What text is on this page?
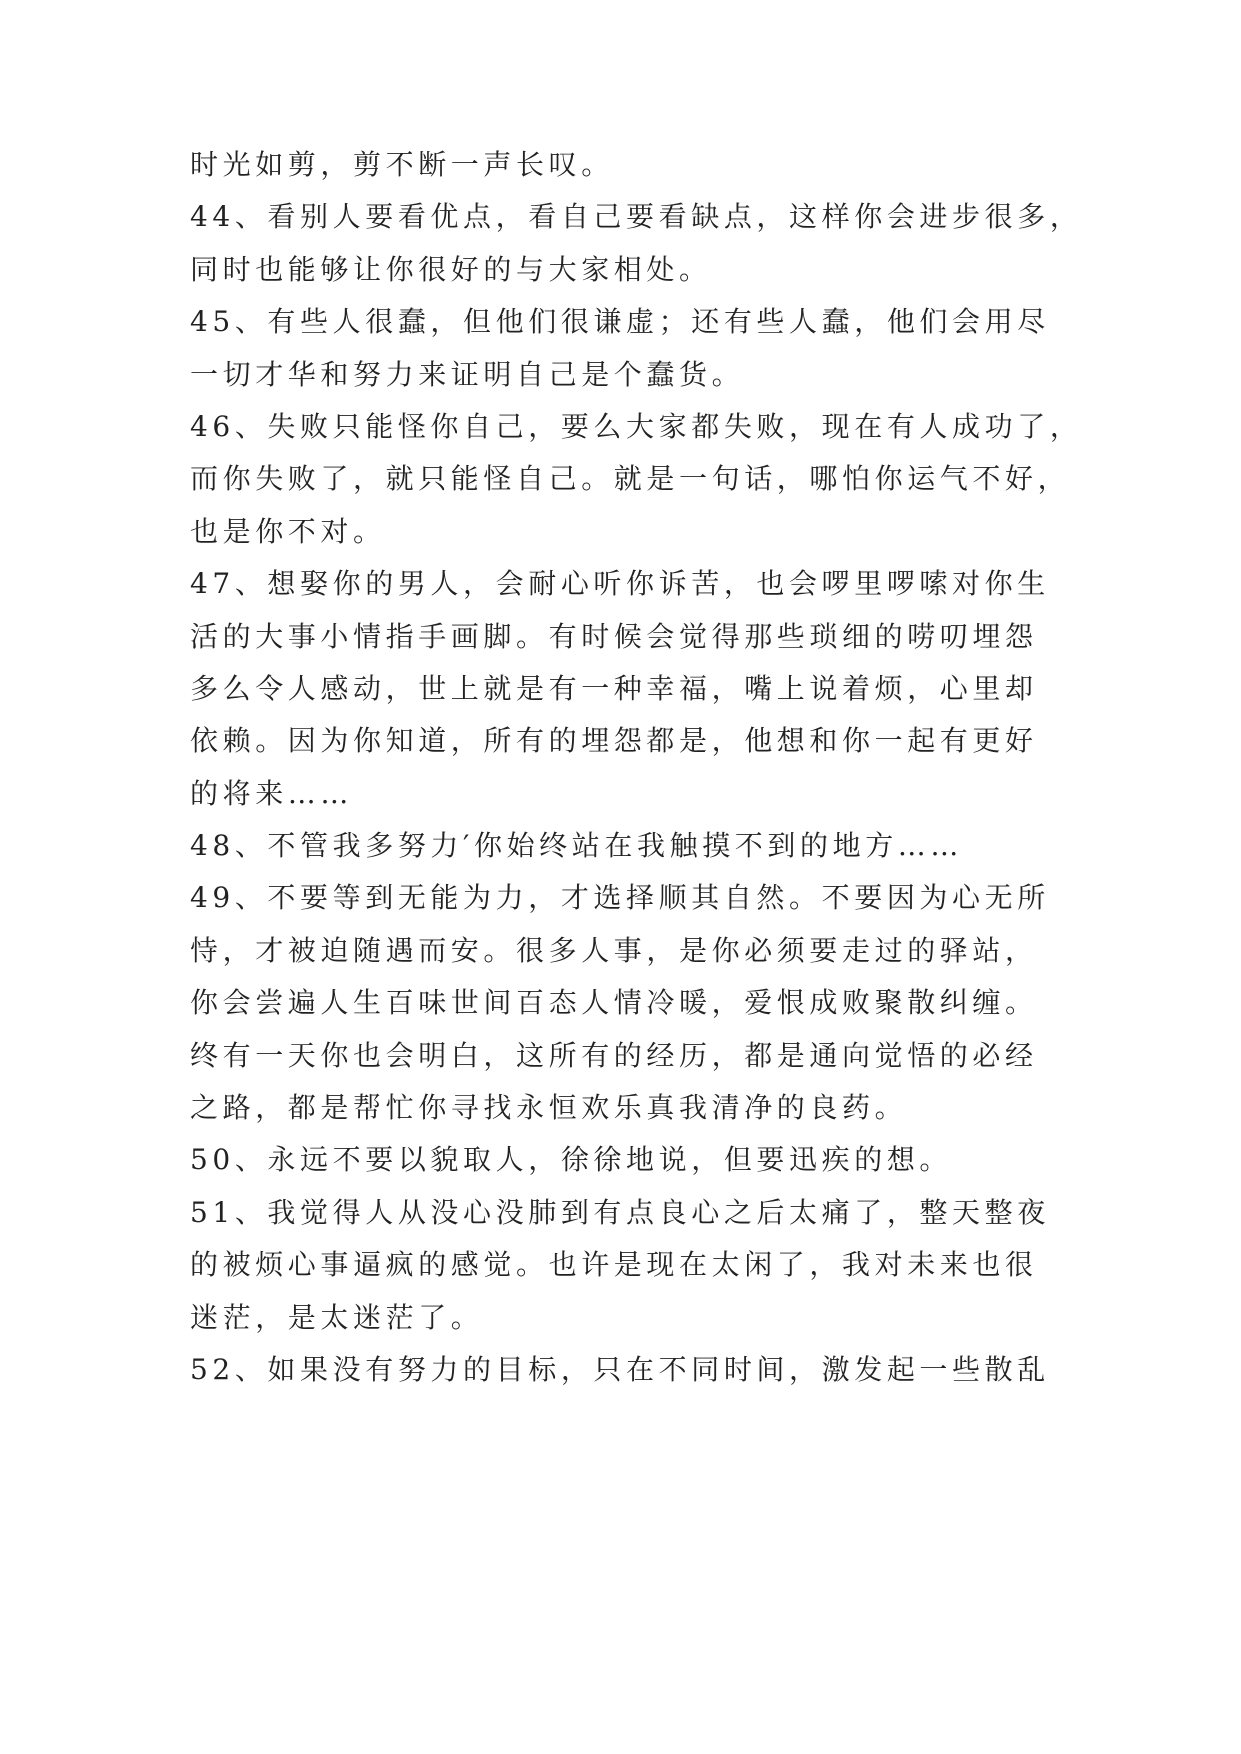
时光如剪，剪不断一声长叹。
44、看别人要看优点，看自己要看缺点，这样你会进步很多，
同时也能够让你很好的与大家相处。
45、有些人很蠢，但他们很谦虚；还有些人蠢，他们会用尽
一切才华和努力来证明自己是个蠢货。
46、失败只能怪你自己，要么大家都失败，现在有人成功了，
而你失败了，就只能怪自己。就是一句话，哪怕你运气不好，
也是你不对。
47、想娶你的男人，会耐心听你诉苦，也会啰里啰嗦对你生
活的大事小情指手画脚。有时候会觉得那些琐细的唠叨埋怨
多么令人感动，世上就是有一种幸福，嘴上说着烦，心里却
依赖。因为你知道，所有的埋怨都是，他想和你一起有更好
的将来……
48、不管我多努力′你始终站在我触摸不到的地方……
49、不要等到无能为力，才选择顺其自然。不要因为心无所
恃，才被迫随遇而安。很多人事，是你必须要走过的驿站，
你会尝遍人生百味世间百态人情冷暖，爱恨成败聚散纠缠。
终有一天你也会明白，这所有的经历，都是通向觉悟的必经
之路，都是帮忙你寻找永恒欢乐真我清净的良药。
50、永远不要以貌取人，徐徐地说，但要迅疾的想。
51、我觉得人从没心没肺到有点良心之后太痛了，整天整夜
的被烦心事逼疯的感觉。也许是现在太闲了，我对未来也很
迷茫，是太迷茫了。
52、如果没有努力的目标，只在不同时间，激发起一些散乱
